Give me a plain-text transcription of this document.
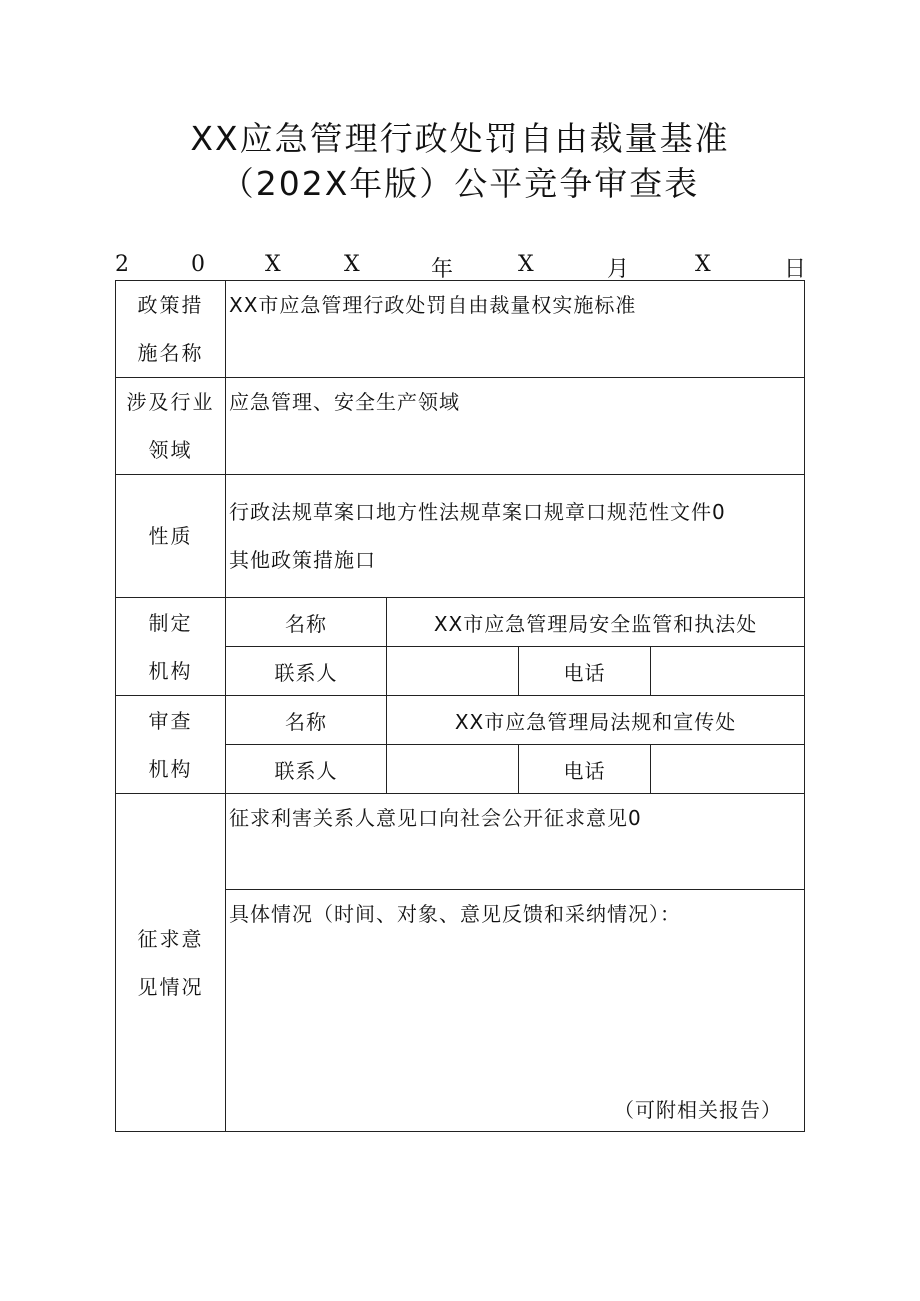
XX应急管理行政处罚自由裁量基准
（202X年版）公平竞争审查表
2	0	X	X	年	X	月	X	日
政策措
施名称	XX市应急管理行政处罚自由裁量权实施标准			

涉及行业
领域	应急管理、安全生产领域			
性质	行政法规草案口地方性法规草案口规章口规范性文件0
其他政策措施口			

制定
机构	名称	XX市应急管理局安全监管和执法处		
	联系人		电话	

审查
机构	名称	XX市应急管理局法规和宣传处		
	联系人		电话	

征求意
见情况	征求利害关系人意见口向社会公开征求意见0			

	具体情况（时间、对象、意见反馈和采纳情况）：
（可附相关报告）			
